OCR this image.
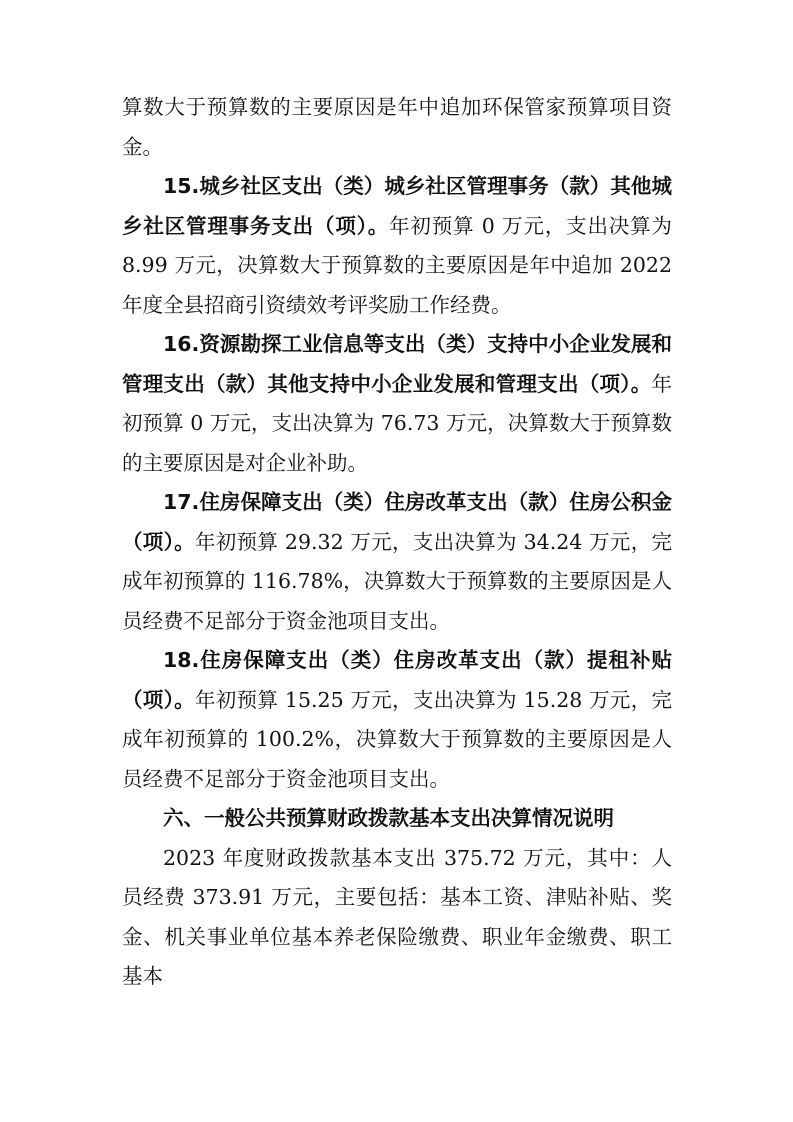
算数大于预算数的主要原因是年中追加环保管家预算项目资金。

15.城乡社区支出（类）城乡社区管理事务（款）其他城乡社区管理事务支出（项）。年初预算 0 万元，支出决算为 8.99 万元，决算数大于预算数的主要原因是年中追加 2022 年度全县招商引资绩效考评奖励工作经费。

16.资源勘探工业信息等支出（类）支持中小企业发展和管理支出（款）其他支持中小企业发展和管理支出（项）。年初预算 0 万元，支出决算为 76.73 万元，决算数大于预算数的主要原因是对企业补助。

17.住房保障支出（类）住房改革支出（款）住房公积金（项）。年初预算 29.32 万元，支出决算为 34.24 万元，完成年初预算的 116.78%，决算数大于预算数的主要原因是人员经费不足部分于资金池项目支出。

18.住房保障支出（类）住房改革支出（款）提租补贴（项）。年初预算 15.25 万元，支出决算为 15.28 万元，完成年初预算的 100.2%，决算数大于预算数的主要原因是人员经费不足部分于资金池项目支出。

六、一般公共预算财政拨款基本支出决算情况说明

2023 年度财政拨款基本支出 375.72 万元，其中：人员经费 373.91 万元，主要包括：基本工资、津贴补贴、奖金、机关事业单位基本养老保险缴费、职业年金缴费、职工基本
